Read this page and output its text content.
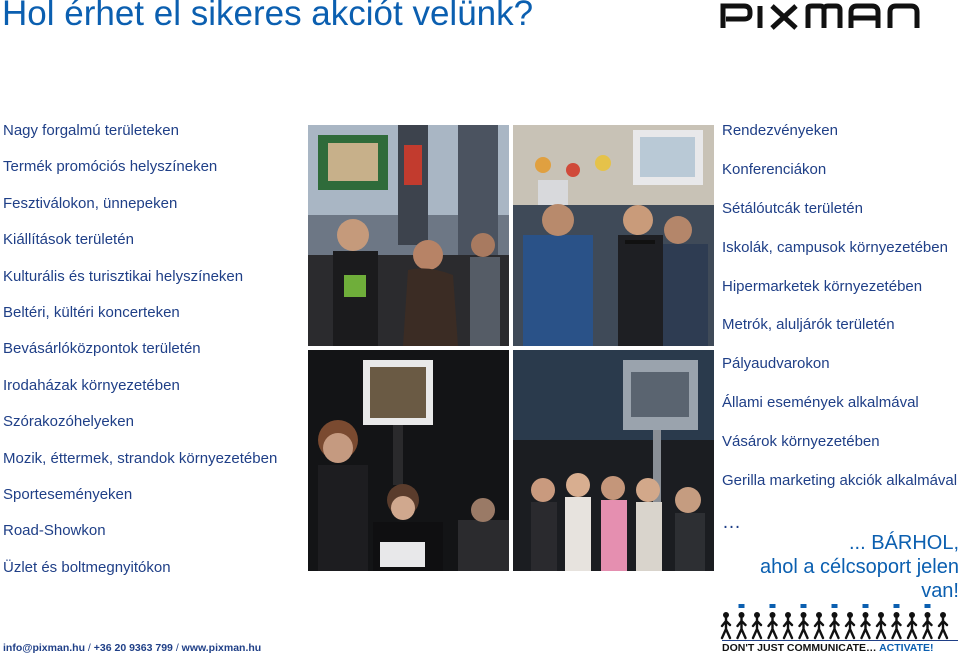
Hol érhet el sikeres akciót velünk?
Nagy forgalmú területeken
Termék promóciós helyszíneken
Fesztiválokon, ünnepeken
Kiállítások területén
Kulturális és turisztikai helyszíneken
Beltéri, kültéri koncerteken
Bevásárlóközpontok területén
Irodaházak környezetében
Szórakozóhelyeken
Mozik, éttermek, strandok környezetében
Sporteseményeken
Road-Showkon
Üzlet és boltmegnyitókon
Rendezvényeken
Konferenciákon
Sétálóutcák területén
Iskolák, campusok környezetében
Hipermarketek környezetében
Metrók, aluljárók területén
Pályaudvarokon
Állami események alkalmával
Vásárok környezetében
Gerilla marketing akciók alkalmával
…
... BÁRHOL,
ahol a célcsoport jelen van!
info@pixman.hu / +36 20 9363 799 / www.pixman.hu	DON'T JUST COMMUNICATE… ACTIVATE!
